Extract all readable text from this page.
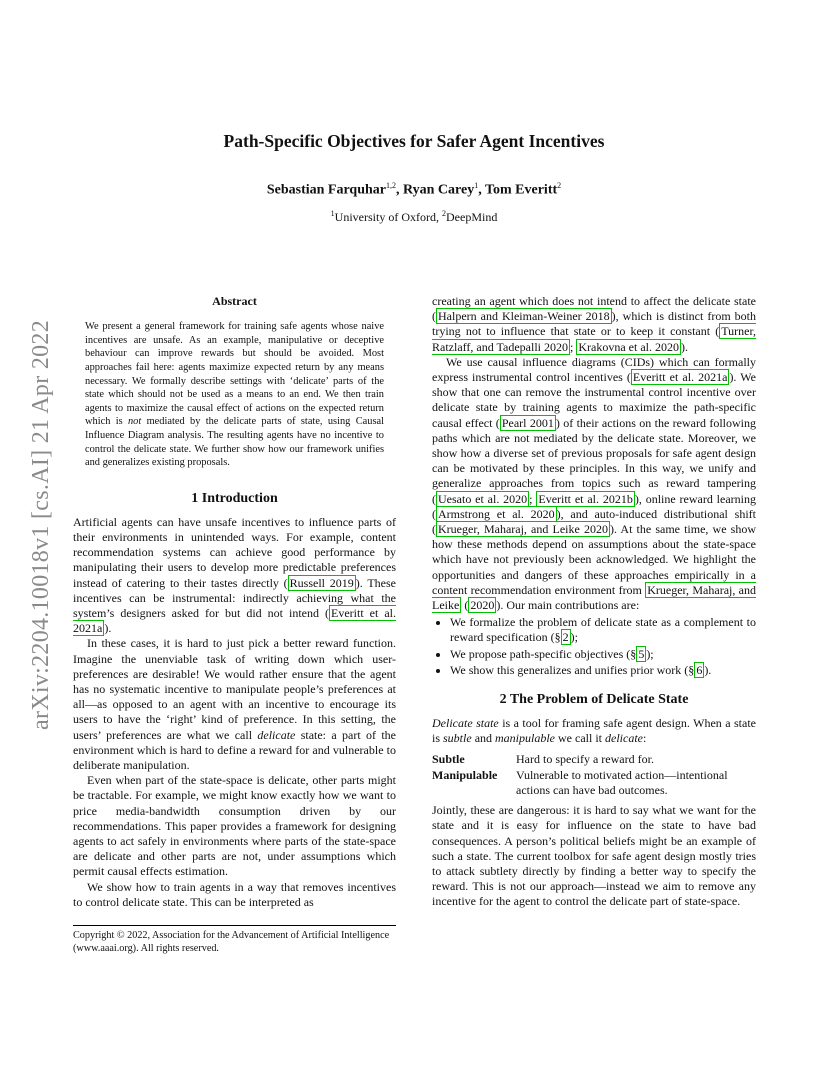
arXiv:2204.10018v1 [cs.AI] 21 Apr 2022
Path-Specific Objectives for Safer Agent Incentives
Sebastian Farquhar$^{1,2}$, Ryan Carey$^1$, Tom Everitt$^2$
$^1$University of Oxford, $^2$DeepMind
Abstract

We present a general framework for training safe agents whose naive incentives are unsafe. As an example, manipulative or deceptive behaviour can improve rewards but should be avoided. Most approaches fail here: agents maximize expected return by any means necessary. We formally describe settings with ‘delicate’ parts of the state which should not be used as a means to an end. We then train agents to maximize the causal effect of actions on the expected return which is not mediated by the delicate parts of state, using Causal Influence Diagram analysis. The resulting agents have no incentive to control the delicate state. We further show how our framework unifies and generalizes existing proposals.

1 Introduction

Artificial agents can have unsafe incentives to influence parts of their environments in unintended ways. For example, content recommendation systems can achieve good performance by manipulating their users to develop more predictable preferences instead of catering to their tastes directly ( Russell 2019 ). These incentives can be instrumental: indirectly achieving what the system’s designers asked for but did not intend ( Everitt et al. 2021a ).

In these cases, it is hard to just pick a better reward function. Imagine the unenviable task of writing down which user-preferences are desirable! We would rather ensure that the agent has no systematic incentive to manipulate people’s preferences at all—as opposed to an agent with an incentive to encourage its users to have the ‘right’ kind of preference. In this setting, the users’ preferences are what we call delicate state: a part of the environment which is hard to define a reward for and vulnerable to deliberate manipulation.

Even when part of the state-space is delicate, other parts might be tractable. For example, we might know exactly how we want to price media-bandwidth consumption driven by our recommendations. This paper provides a framework for designing agents to act safely in environments where parts of the state-space are delicate and other parts are not, under assumptions which permit causal effects estimation.

We show how to train agents in a way that removes incentives to control delicate state. This can be interpreted as

Copyright © 2022, Association for the Advancement of Artificial Intelligence (www.aaai.org). All rights reserved.

creating an agent which does not intend to affect the delicate state ( Halpern and Kleiman-Weiner 2018 ), which is distinct from both trying not to influence that state or to keep it constant ( Turner, Ratzlaff, and Tadepalli 2020 ; Krakovna et al. 2020 ).

We use causal influence diagrams (CIDs) which can formally express instrumental control incentives ( Everitt et al. 2021a ). We show that one can remove the instrumental control incentive over delicate state by training agents to maximize the path-specific causal effect ( Pearl 2001 ) of their actions on the reward following paths which are not mediated by the delicate state. Moreover, we show how a diverse set of previous proposals for safe agent design can be motivated by these principles. In this way, we unify and generalize approaches from topics such as reward tampering ( Uesato et al. 2020 ; Everitt et al. 2021b ), online reward learning ( Armstrong et al. 2020 ), and auto-induced distributional shift ( Krueger, Maharaj, and Leike 2020 ). At the same time, we show how these methods depend on assumptions about the state-space which have not previously been acknowledged. We highlight the opportunities and dangers of these approaches empirically in a content recommendation environment from Krueger, Maharaj, and Leike ( 2020 ). Our main contributions are:

• We formalize the problem of delicate state as a complement to reward specification (§ 2 );
• We propose path-specific objectives (§ 5 );
• We show this generalizes and unifies prior work (§ 6 ).
2 The Problem of Delicate State

Delicate state is a tool for framing safe agent design. When a state is subtle and manipulable we call it delicate:

Subtle	Hard to specify a reward for.
Manipulable	Vulnerable to motivated action—intentional actions can have bad outcomes.

Jointly, these are dangerous: it is hard to say what we want for the state and it is easy for influence on the state to have bad consequences. A person’s political beliefs might be an example of such a state. The current toolbox for safe agent design mostly tries to attack subtlety directly by finding a better way to specify the reward. This is not our approach—instead we aim to remove any incentive for the agent to control the delicate part of state-space.
